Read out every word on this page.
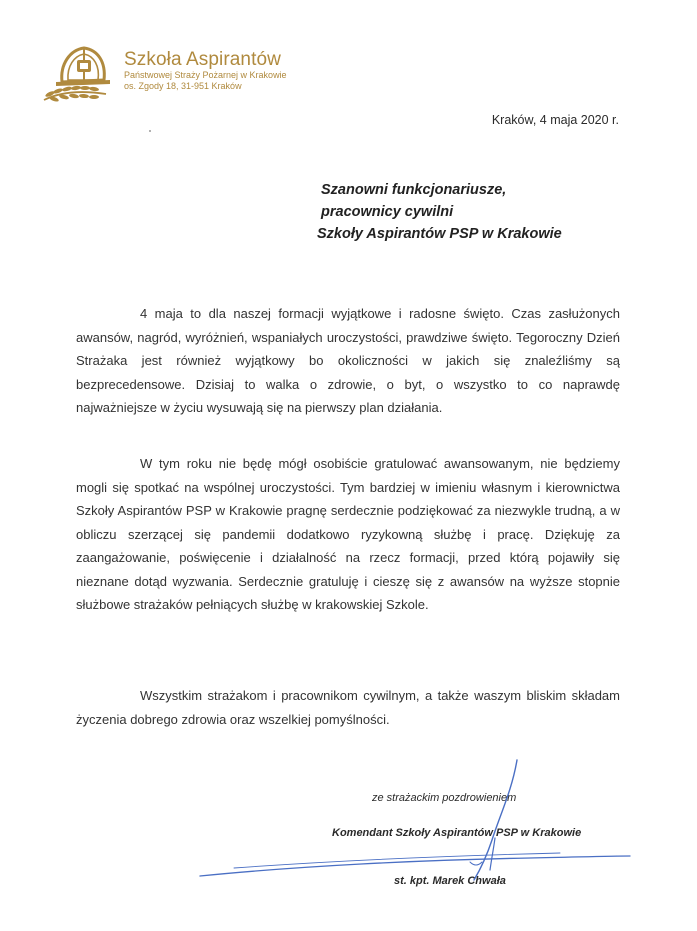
Szkoła Aspirantów
Państwowej Straży Pożarnej w Krakowie
os. Zgody 18, 31-951 Kraków
Kraków, 4 maja 2020 r.
Szanowni funkcjonariusze,
pracownicy cywilni
Szkoły Aspirantów PSP w Krakowie

4 maja to dla naszej formacji wyjątkowe i radosne święto. Czas zasłużonych awansów, nagród, wyróżnień, wspaniałych uroczystości, prawdziwe święto. Tegoroczny Dzień Strażaka jest również wyjątkowy bo okoliczności w jakich się znaleźliśmy są bezprecedensowe. Dzisiaj to walka o zdrowie, o byt, o wszystko to co naprawdę najważniejsze w życiu wysuwają się na pierwszy plan działania.

W tym roku nie będę mógł osobiście gratulować awansowanym, nie będziemy mogli się spotkać na wspólnej uroczystości. Tym bardziej w imieniu własnym i kierownictwa Szkoły Aspirantów PSP w Krakowie pragnę serdecznie podziękować za niezwykle trudną, a w obliczu szerzącej się pandemii dodatkowo ryzykowną służbę i pracę. Dziękuję za zaangażowanie, poświęcenie i działalność na rzecz formacji, przed którą pojawiły się nieznane dotąd wyzwania. Serdecznie gratuluję i cieszę się z awansów na wyższe stopnie służbowe strażaków pełniących służbę w krakowskiej Szkole.

Wszystkim strażakom i pracownikom cywilnym, a także waszym bliskim składam życzenia dobrego zdrowia oraz wszelkiej pomyślności.

ze strażackim pozdrowieniem
Komendant Szkoły Aspirantów PSP w Krakowie
st. kpt. Marek Chwała
